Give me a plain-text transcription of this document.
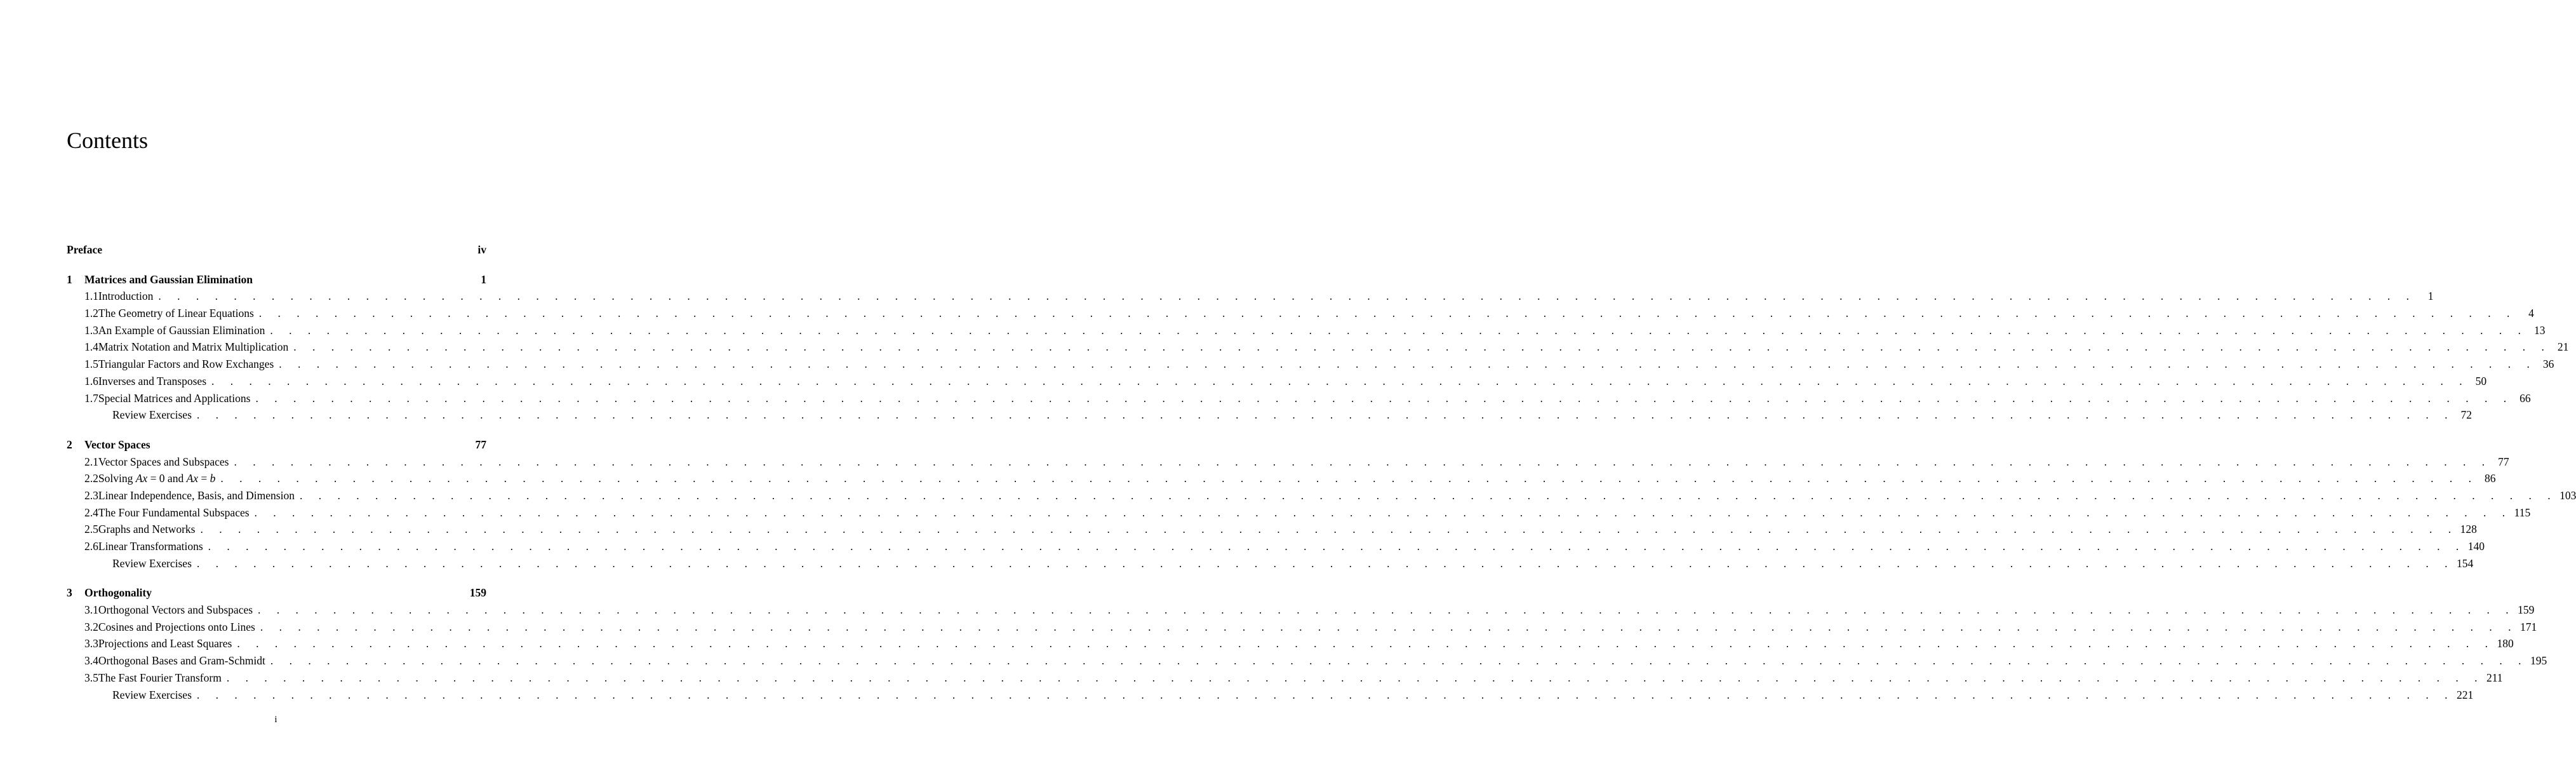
Contents
Preface	iv
1	Matrices and Gaussian Elimination	1
1.1 Introduction . . . . . . . . . . . . . . . . . . . . . . . . . . . . . . . . . . . . . . . . . . . . . . . . . . . . . . . . . . . . . . . . . . . . . . . . . . . . . . . . . . . . . . . . . . . . . . . . . . . . . . . . . . . . . . . . . . . . . . . .	1
1.2 The Geometry of Linear Equations . . . . . . . . . . . . . . . . . . . . . . . . . . . . . . . . . . . . . . . . . . . . . . . . . . . . . . . . . . . . . . . . . . . . . . . . . . . . . . . . . . . . . . . . . . . . . . . . . . . . . . . . . . . . . . . . . . . . . . . .	4
1.3 An Example of Gaussian Elimination . . . . . . . . . . . . . . . . . . . . . . . . . . . . . . . . . . . . . . . . . . . . . . . . . . . . . . . . . . . . . . . . . . . . . . . . . . . . . . . . . . . . . . . . . . . . . . . . . . . . . . . . . . . . . . . . . . . . . . . . 13
1.4 Matrix Notation and Matrix Multiplication . . . . . . . . . . . . . . . . . . . . . . . . . . . . . . . . . . . . . . . . . . . . . . . . . . . . . . . . . . . . . . . . . . . . . . . . . . . . . . . . . . . . . . . . . . . . . . . . . . . . . . . . . . . . . . . . . . . . . . . . 21
1.5 Triangular Factors and Row Exchanges . . . . . . . . . . . . . . . . . . . . . . . . . . . . . . . . . . . . . . . . . . . . . . . . . . . . . . . . . . . . . . . . . . . . . . . . . . . . . . . . . . . . . . . . . . . . . . . . . . . . . . . . . . . . . . . . . . . . . . . . 36
1.6 Inverses and Transposes . . . . . . . . . . . . . . . . . . . . . . . . . . . . . . . . . . . . . . . . . . . . . . . . . . . . . . . . . . . . . . . . . . . . . . . . . . . . . . . . . . . . . . . . . . . . . . . . . . . . . . . . . . . . . . . . . . . . . . . . 50
1.7 Special Matrices and Applications . . . . . . . . . . . . . . . . . . . . . . . . . . . . . . . . . . . . . . . . . . . . . . . . . . . . . . . . . . . . . . . . . . . . . . . . . . . . . . . . . . . . . . . . . . . . . . . . . . . . . . . . . . . . . . . . . . . . . . . . 66
Review Exercises . . . . . . . . . . . . . . . . . . . . . . . . . . . . . . . . . . . . . . . . . . . . . . . . . . . . . . . . . . . . . . . . . . . . . . . . . . . . . . . . . . . . . . . . . . . . . . . . . . . . . . . . . . . . . . . . . . . . . . . . 72
2	Vector Spaces	77
2.1 Vector Spaces and Subspaces . . . . . . . . . . . . . . . . . . . . . . . . . . . . . . . . . . . . . . . . . . . . . . . . . . . . . . . . . . . . . . . . . . . . . . . . . . . . . . . . . . . . . . . . . . . . . . . . . . . . . . . . . . . . . . . . . . . . . . . . 77
2.2 Solving Ax = 0 and Ax = b . . . . . . . . . . . . . . . . . . . . . . . . . . . . . . . . . . . . . . . . . . . . . . . . . . . . . . . . . . . . . . . . . . . . . . . . . . . . . . . . . . . . . . . . . . . . . . . . . . . . . . . . . . . . . . . . . . . . . . . . 86
2.3 Linear Independence, Basis, and Dimension . . . . . . . . . . . . . . . . . . . . . . . . . . . . . . . . . . . . . . . . . . . . . . . . . . . . . . . . . . . . . . . . . . . . . . . . . . . . . . . . . . . . . . . . . . . . . . . . . . . . . . . . . . . . . . . . . . . . . . . . 103
2.4 The Four Fundamental Subspaces . . . . . . . . . . . . . . . . . . . . . . . . . . . . . . . . . . . . . . . . . . . . . . . . . . . . . . . . . . . . . . . . . . . . . . . . . . . . . . . . . . . . . . . . . . . . . . . . . . . . . . . . . . . . . . . . . . . . . . . . 115
2.5 Graphs and Networks . . . . . . . . . . . . . . . . . . . . . . . . . . . . . . . . . . . . . . . . . . . . . . . . . . . . . . . . . . . . . . . . . . . . . . . . . . . . . . . . . . . . . . . . . . . . . . . . . . . . . . . . . . . . . . . . . . . . . . . . 128
2.6 Linear Transformations . . . . . . . . . . . . . . . . . . . . . . . . . . . . . . . . . . . . . . . . . . . . . . . . . . . . . . . . . . . . . . . . . . . . . . . . . . . . . . . . . . . . . . . . . . . . . . . . . . . . . . . . . . . . . . . . . . . . . . . . 140
Review Exercises . . . . . . . . . . . . . . . . . . . . . . . . . . . . . . . . . . . . . . . . . . . . . . . . . . . . . . . . . . . . . . . . . . . . . . . . . . . . . . . . . . . . . . . . . . . . . . . . . . . . . . . . . . . . . . . . . . . . . . . . 154
3	Orthogonality	159
3.1 Orthogonal Vectors and Subspaces . . . . . . . . . . . . . . . . . . . . . . . . . . . . . . . . . . . . . . . . . . . . . . . . . . . . . . . . . . . . . . . . . . . . . . . . . . . . . . . . . . . . . . . . . . . . . . . . . . . . . . . . . . . . . . . . . . . . . . . . 159
3.2 Cosines and Projections onto Lines . . . . . . . . . . . . . . . . . . . . . . . . . . . . . . . . . . . . . . . . . . . . . . . . . . . . . . . . . . . . . . . . . . . . . . . . . . . . . . . . . . . . . . . . . . . . . . . . . . . . . . . . . . . . . . . . . . . . . . . . 171
3.3 Projections and Least Squares . . . . . . . . . . . . . . . . . . . . . . . . . . . . . . . . . . . . . . . . . . . . . . . . . . . . . . . . . . . . . . . . . . . . . . . . . . . . . . . . . . . . . . . . . . . . . . . . . . . . . . . . . . . . . . . . . . . . . . . . 180
3.4 Orthogonal Bases and Gram-Schmidt . . . . . . . . . . . . . . . . . . . . . . . . . . . . . . . . . . . . . . . . . . . . . . . . . . . . . . . . . . . . . . . . . . . . . . . . . . . . . . . . . . . . . . . . . . . . . . . . . . . . . . . . . . . . . . . . . . . . . . . . 195
3.5 The Fast Fourier Transform . . . . . . . . . . . . . . . . . . . . . . . . . . . . . . . . . . . . . . . . . . . . . . . . . . . . . . . . . . . . . . . . . . . . . . . . . . . . . . . . . . . . . . . . . . . . . . . . . . . . . . . . . . . . . . . . . . . . . . . . 211
Review Exercises . . . . . . . . . . . . . . . . . . . . . . . . . . . . . . . . . . . . . . . . . . . . . . . . . . . . . . . . . . . . . . . . . . . . . . . . . . . . . . . . . . . . . . . . . . . . . . . . . . . . . . . . . . . . . . . . . . . . . . . . 221
i
